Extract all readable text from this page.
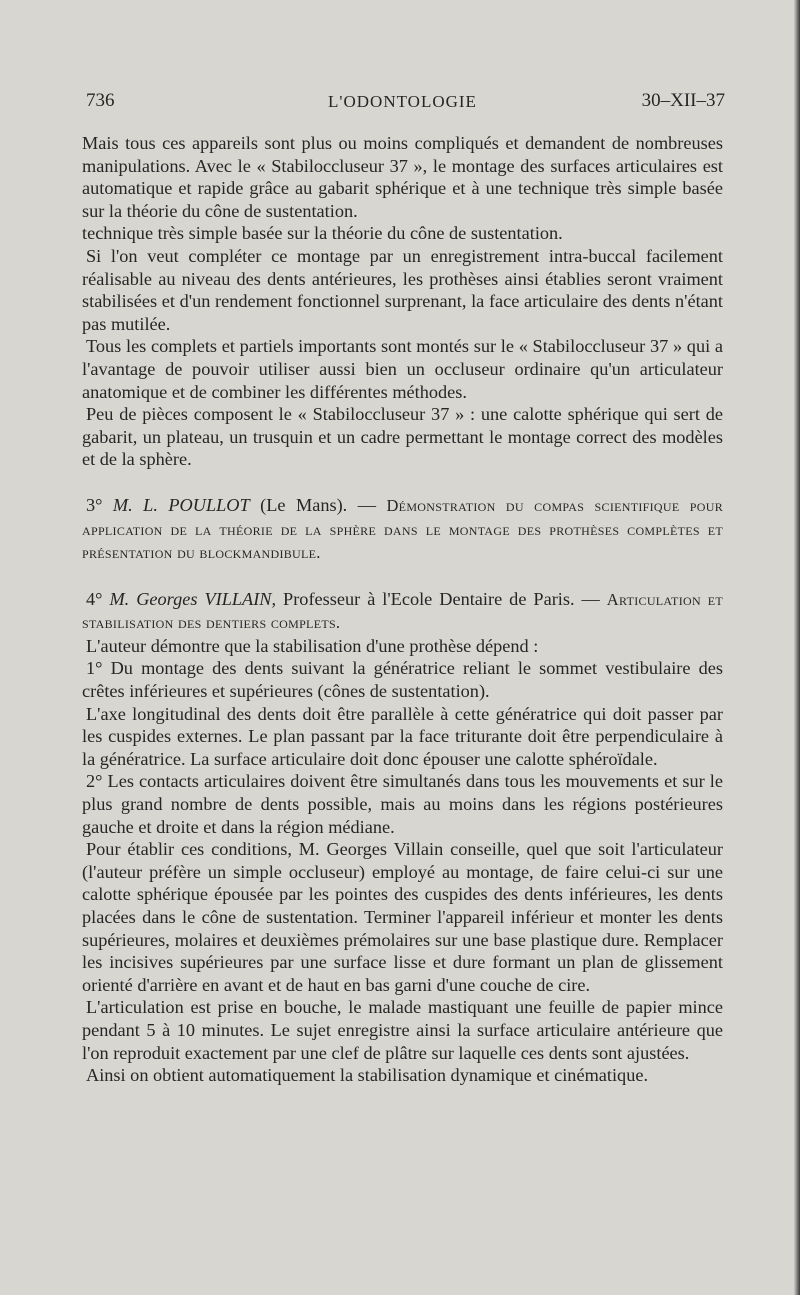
736	L'ODONTOLOGIE	30–XII–37

Mais tous ces appareils sont plus ou moins compliqués et demandent de nombreuses manipulations. Avec le « Stabiloccluseur 37 », le montage des surfaces articulaires est automatique et rapide grâce au gabarit sphérique et à une technique très simple basée sur la théorie du cône de sustentation.

technique très simple basée sur la théorie du cône de sustentation.

Si l'on veut compléter ce montage par un enregistrement intra-buccal facilement réalisable au niveau des dents antérieures, les prothèses ainsi établies seront vraiment stabilisées et d'un rendement fonctionnel surprenant, la face articulaire des dents n'étant pas mutilée.

Tous les complets et partiels importants sont montés sur le « Stabiloccluseur 37 » qui a l'avantage de pouvoir utiliser aussi bien un occluseur ordinaire qu'un articulateur anatomique et de combiner les différentes méthodes.

Peu de pièces composent le « Stabiloccluseur 37 » : une calotte sphérique qui sert de gabarit, un plateau, un trusquin et un cadre permettant le montage correct des modèles et de la sphère.

3° M. L. POULLOT (Le Mans). — Démonstration du compas scientifique pour application de la théorie de la sphère dans le montage des prothèses complètes et présentation du blockmandibule.

4° M. Georges VILLAIN, Professeur à l'Ecole Dentaire de Paris. — Articulation et stabilisation des dentiers complets.

L'auteur démontre que la stabilisation d'une prothèse dépend :

1° Du montage des dents suivant la génératrice reliant le sommet vestibulaire des crêtes inférieures et supérieures (cônes de sustentation).

L'axe longitudinal des dents doit être parallèle à cette génératrice qui doit passer par les cuspides externes. Le plan passant par la face triturante doit être perpendiculaire à la génératrice. La surface articulaire doit donc épouser une calotte sphéroïdale.

2° Les contacts articulaires doivent être simultanés dans tous les mouvements et sur le plus grand nombre de dents possible, mais au moins dans les régions postérieures gauche et droite et dans la région médiane.

Pour établir ces conditions, M. Georges Villain conseille, quel que soit l'articulateur (l'auteur préfère un simple occluseur) employé au montage, de faire celui-ci sur une calotte sphérique épousée par les pointes des cuspides des dents inférieures, les dents placées dans le cône de sustentation. Terminer l'appareil inférieur et monter les dents supérieures, molaires et deuxièmes prémolaires sur une base plastique dure. Remplacer les incisives supérieures par une surface lisse et dure formant un plan de glissement orienté d'arrière en avant et de haut en bas garni d'une couche de cire.

L'articulation est prise en bouche, le malade mastiquant une feuille de papier mince pendant 5 à 10 minutes. Le sujet enregistre ainsi la surface articulaire antérieure que l'on reproduit exactement par une clef de plâtre sur laquelle ces dents sont ajustées.

Ainsi on obtient automatiquement la stabilisation dynamique et cinématique.
